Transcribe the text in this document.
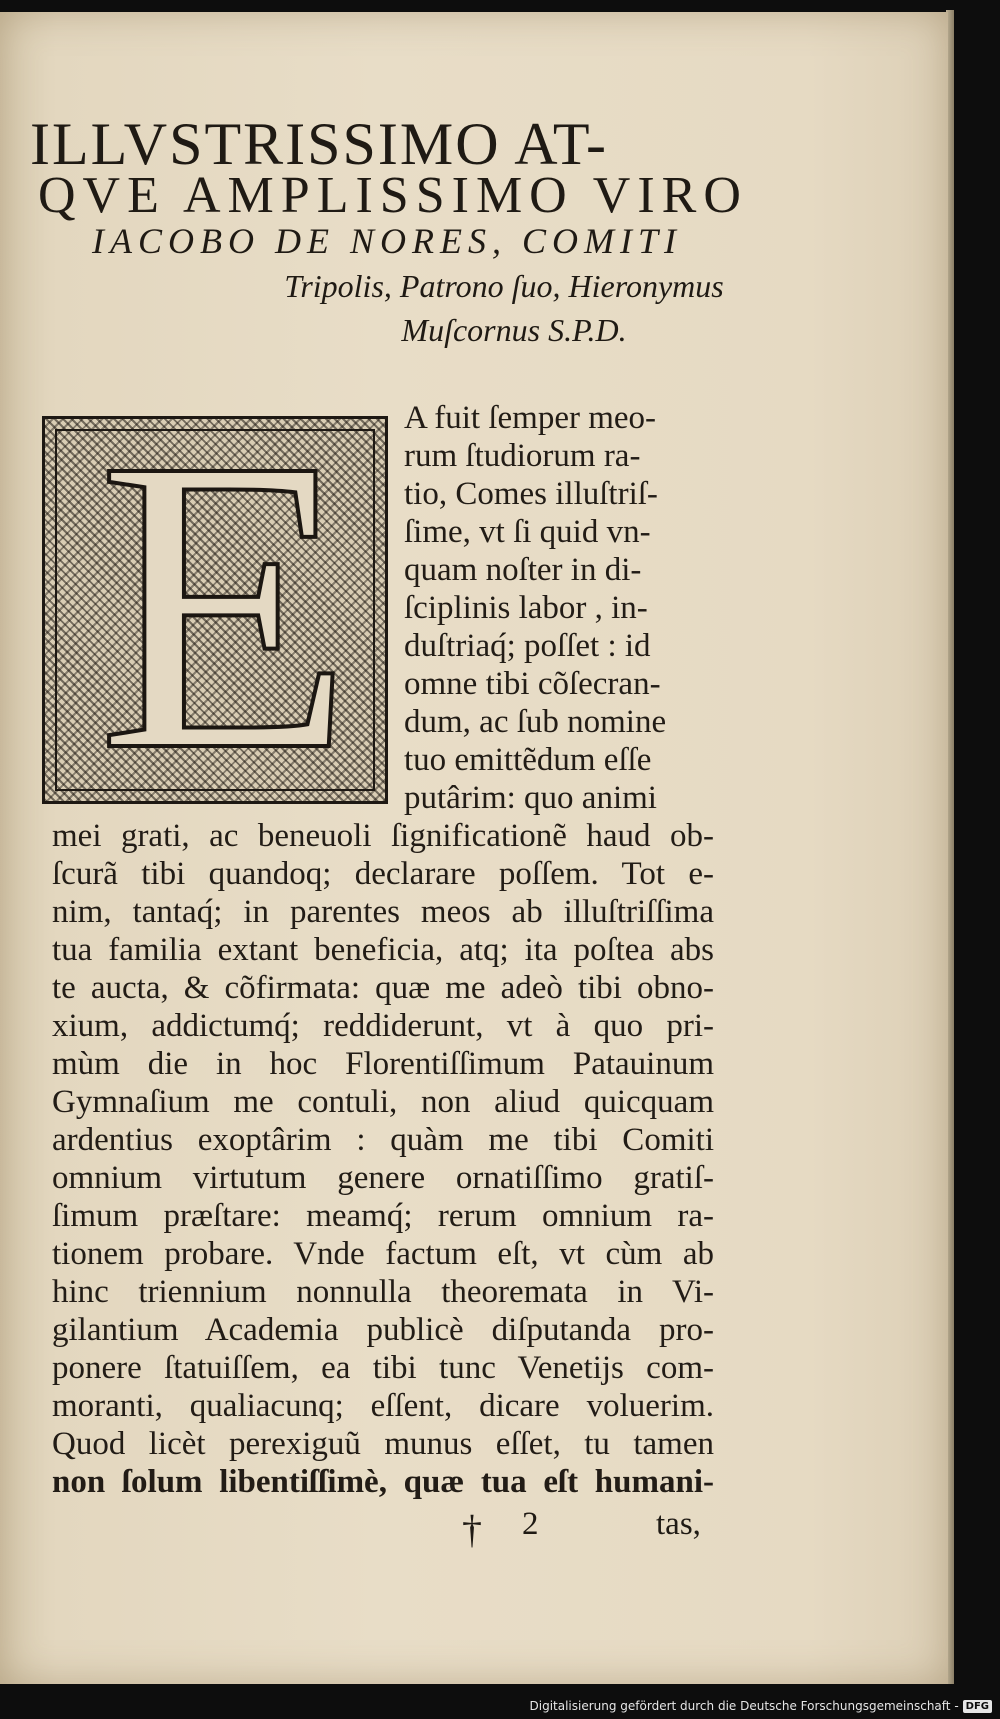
ILLVSTRISSIMO AT-
QVE AMPLISSIMO VIRO
IACOBO DE NORES, COMITI
Tripolis, Patrono ſuo, Hieronymus
Muſcornus S.P.D.
E A fuit ſemper meo-
rum ſtudiorum ra-
tio, Comes illuſtriſ-
ſime, vt ſi quid vn-
quam noſter in di-
ſciplinis labor , in-
duſtriaq́; poſſet : id
omne tibi cõſecran-
dum, ac ſub nomine
tuo emittẽdum eſſe
putârim: quo animi
mei grati, ac beneuoli ſignificationẽ haud ob-
ſcurã tibi quandoq; declarare poſſem. Tot e-
nim, tantaq́; in parentes meos ab illuſtriſſima
tua familia extant beneficia, atq; ita poſtea abs
te aucta, & cõfirmata: quæ me adeò tibi obno-
xium, addictumq́; reddiderunt, vt à quo pri-
mùm die in hoc Florentiſſimum Patauinum
Gymnaſium me contuli, non aliud quicquam
ardentius exoptârim : quàm me tibi Comiti
omnium virtutum genere ornatiſſimo gratiſ-
ſimum præſtare: meamq́; rerum omnium ra-
tionem probare. Vnde factum eſt, vt cùm ab
hinc triennium nonnulla theoremata in Vi-
gilantium Academia publicè diſputanda pro-
ponere ſtatuiſſem, ea tibi tunc Venetijs com-
moranti, qualiacunq; eſſent, dicare voluerim.
Quod licèt perexiguũ munus eſſet, tu tamen
non ſolum libentiſſimè, quæ tua eſt humani-
† 2	tas,
Digitalisierung gefördert durch die Deutsche Forschungsgemeinschaft - DFG
